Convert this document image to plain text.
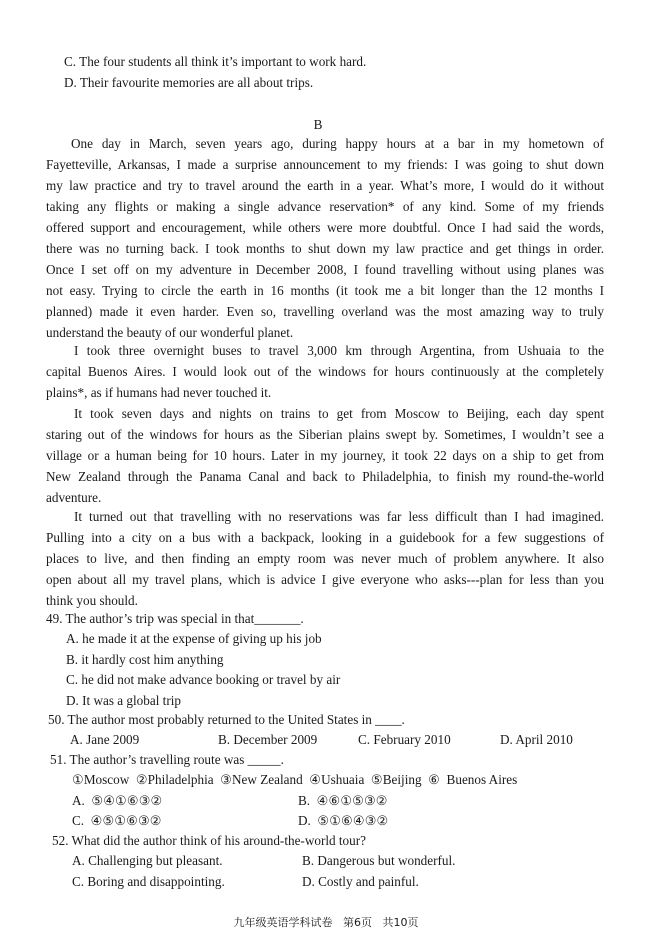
C. The four students all think it’s important to work hard.
D. Their favourite memories are all about trips.
B
One day in March, seven years ago, during happy hours at a bar in my hometown of
Fayetteville, Arkansas, I made a surprise announcement to my friends: I was going to shut down
my law practice and try to travel around the earth in a year. What’s more, I would do it without
taking any flights or making a single advance reservation* of any kind. Some of my friends
offered support and encouragement, while others were more doubtful. Once I had said the words,
there was no turning back. I took months to shut down my law practice and get things in order.
Once I set off on my adventure in December 2008, I found travelling without using planes was
not easy. Trying to circle the earth in 16 months (it took me a bit longer than the 12 months I
planned) made it even harder. Even so, travelling overland was the most amazing way to truly
understand the beauty of our wonderful planet.
I took three overnight buses to travel 3,000 km through Argentina, from Ushuaia to the
capital Buenos Aires. I would look out of the windows for hours continuously at the completely
plains*, as if humans had never touched it.
It took seven days and nights on trains to get from Moscow to Beijing, each day spent
staring out of the windows for hours as the Siberian plains swept by. Sometimes, I wouldn’t see a
village or a human being for 10 hours. Later in my journey, it took 22 days on a ship to get from
New Zealand through the Panama Canal and back to Philadelphia, to finish my round-the-world
adventure.
It turned out that travelling with no reservations was far less difficult than I had imagined.
Pulling into a city on a bus with a backpack, looking in a guidebook for a few suggestions of
places to live, and then finding an empty room was never much of problem anywhere. It also
open about all my travel plans, which is advice I give everyone who asks---plan for less than you
think you should.
49. The author’s trip was special in that_______.
A. he made it at the expense of giving up his job
B. it hardly cost him anything
C. he did not make advance booking or travel by air
D. It was a global trip
50. The author most probably returned to the United States in ____.
A. Jane 2009	B. December 2009	C. February 2010	D. April 2010
51. The author’s travelling route was _____.
①Moscow  ②Philadelphia  ③New Zealand  ④Ushuaia  ⑤Beijing  ⑥  Buenos Aires
A.  ⑤④①⑥③②	B.  ④⑥①⑤③②
C.  ④⑤①⑥③②	D.  ⑤①⑥④③②
52. What did the author think of his around-the-world tour?
A. Challenging but pleasant.	B. Dangerous but wonderful.
C. Boring and disappointing.	D. Costly and painful.
九年级英语学科试卷   第6页   共10页
